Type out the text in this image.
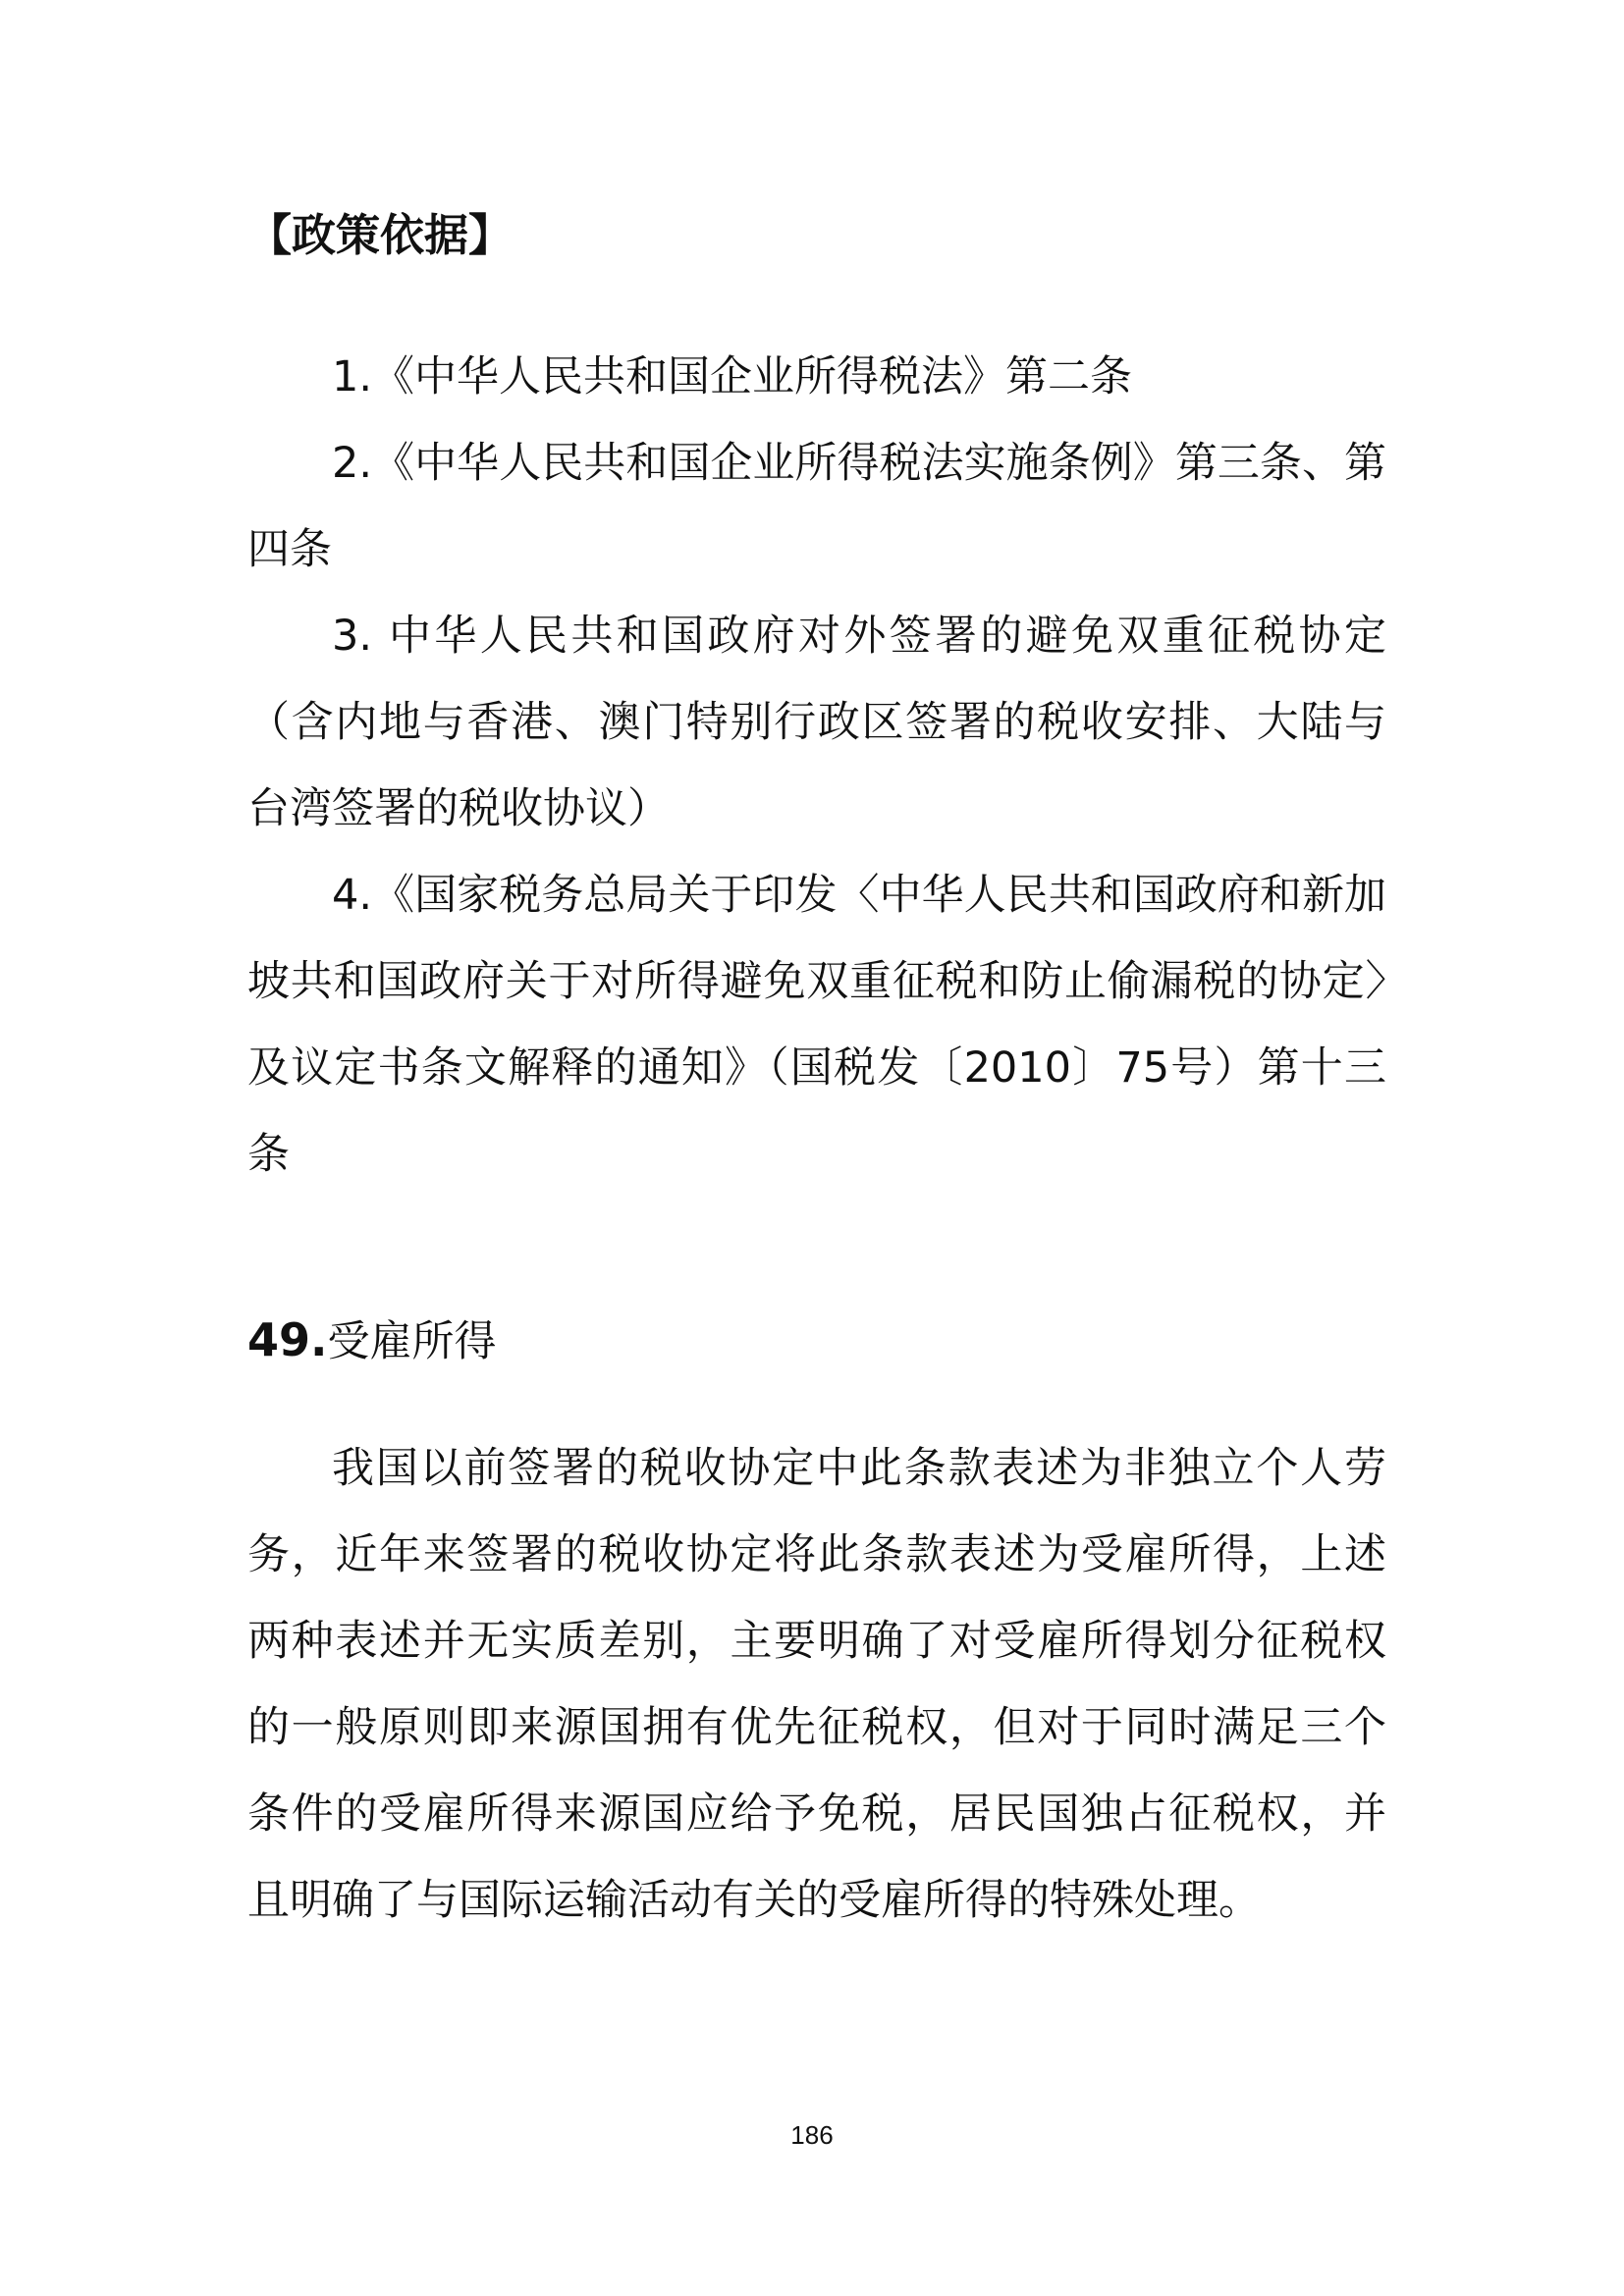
【政策依据】

1.《中华人民共和国企业所得税法》第二条

2.《中华人民共和国企业所得税法实施条例》第三条、第四条

3. 中华人民共和国政府对外签署的避免双重征税协定（含内地与香港、澳门特别行政区签署的税收安排、大陆与台湾签署的税收协议）

4.《国家税务总局关于印发〈中华人民共和国政府和新加坡共和国政府关于对所得避免双重征税和防止偷漏税的协定〉及议定书条文解释的通知》（国税发〔2010〕75号）第十三条

49.受雇所得

我国以前签署的税收协定中此条款表述为非独立个人劳务，近年来签署的税收协定将此条款表述为受雇所得，上述两种表述并无实质差别，主要明确了对受雇所得划分征税权的一般原则即来源国拥有优先征税权，但对于同时满足三个条件的受雇所得来源国应给予免税，居民国独占征税权，并且明确了与国际运输活动有关的受雇所得的特殊处理。

186
